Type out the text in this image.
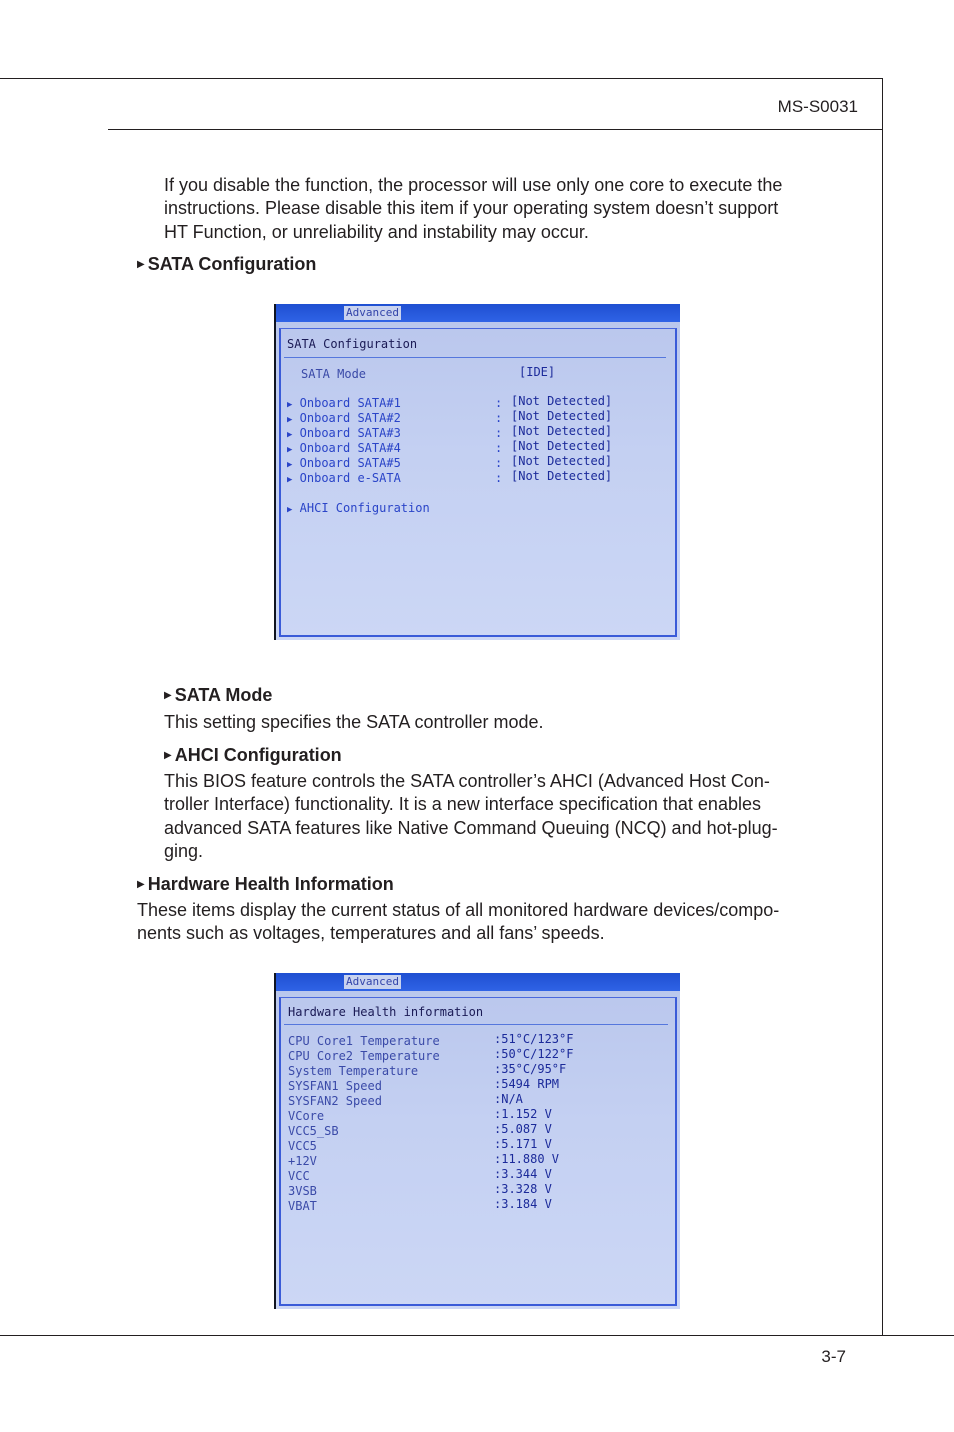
MS-S0031
3-7
If you disable the function, the processor will use only one core to execute the
instructions. Please disable this item if your operating system doesn’t support
HT Function, or unreliability and instability may occur.
▶ SATA Configuration
Advanced
SATA Configuration
SATA Mode	[IDE]
▶ Onboard SATA#1	: [Not Detected]
▶ Onboard SATA#2	: [Not Detected]
▶ Onboard SATA#3	: [Not Detected]
▶ Onboard SATA#4	: [Not Detected]
▶ Onboard SATA#5	: [Not Detected]
▶ Onboard e-SATA	: [Not Detected]
▶ AHCI Configuration
▶ SATA Mode
This setting specifies the SATA controller mode.
▶ AHCI Configuration
This BIOS feature controls the SATA controller’s AHCI (Advanced Host Con-
troller Interface) functionality. It is a new interface specification that enables
advanced SATA features like Native Command Queuing (NCQ) and hot-plug-
ging.
▶ Hardware Health Information
These items display the current status of all monitored hardware devices/compo-
nents such as voltages, temperatures and all fans’ speeds.
Advanced
Hardware Health information
CPU Core1 Temperature	:51°C/123°F
CPU Core2 Temperature	:50°C/122°F
System Temperature	:35°C/95°F
SYSFAN1 Speed	:5494 RPM
SYSFAN2 Speed	:N/A
VCore	:1.152 V
VCC5_SB	:5.087 V
VCC5	:5.171 V
+12V	:11.880 V
VCC	:3.344 V
3VSB	:3.328 V
VBAT	:3.184 V
